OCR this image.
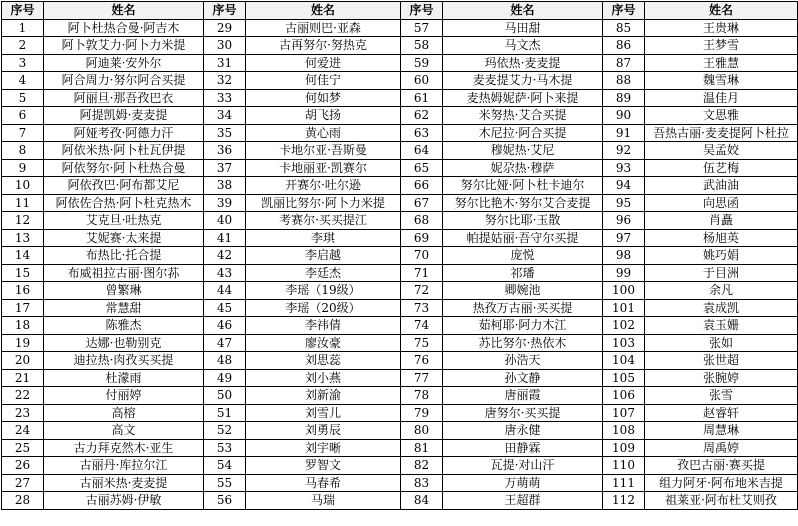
序号	姓名	序号	姓名	序号	姓名	序号	姓名
1	阿卜杜热合曼·阿吉木	29	古丽则巴·亚森	57	马田甜	85	王贵琳
2	阿卜敦艾力·阿卜力米提	30	古再努尔·努热克	58	马文杰	86	王梦雪
3	阿迪莱·安外尔	31	何爱进	59	玛依热·麦麦提	87	王雅慧
4	阿合周力·努尔阿合买提	32	何佳宁	60	麦麦提艾力·马木提	88	魏雪琳
5	阿丽旦·那吾孜巴衣	33	何如梦	61	麦热姆妮萨·阿卜来提	89	温佳月
6	阿提凯姆·麦麦提	34	胡飞扬	62	米努热·艾合买提	90	文思雅
7	阿娅考孜·阿德力汗	35	黄心雨	63	木尼拉·阿合买提	91	吾热古丽·麦麦提阿卜杜拉
8	阿依米热·阿卜杜瓦伊提	36	卡地尔亚·吾斯曼	64	穆妮热·艾尼	92	吴孟姣
9	阿依努尔·阿卜杜热合曼	37	卡地丽亚·凯赛尔	65	妮尕热·穆萨	93	伍艺梅
10	阿依孜巴·阿布都艾尼	38	开赛尔·吐尔逊	66	努尔比娅·阿卜杜卡迪尔	94	武油油
11	阿依佐合热·阿卜杜克热木	39	凯丽比努尔·阿卜力米提	67	努尔比艳木·努尔艾合麦提	95	向思函
12	艾克旦·吐热克	40	考赛尔·买买提江	68	努尔比耶·玉散	96	肖矗
13	艾妮赛·太来提	41	李琪	69	帕提姑丽·吾守尔买提	97	杨旭英
14	布热比·托合提	42	李启越	70	庞悦	98	姚巧娟
15	布威祖拉古丽·图尔荪	43	李廷杰	71	祁璠	99	于目洲
16	曾繁琳	44	李瑶（19级）	72	卿婉池	100	余凡
17	常慧甜	45	李瑶（20级）	73	热孜万古丽·买买提	101	袁成凯
18	陈雅杰	46	李祎倩	74	茹柯耶·阿力木江	102	袁玉姗
19	达娜·也勒别克	47	廖汝豪	75	苏比努尔·热依木	103	张如
20	迪拉热·肉孜买买提	48	刘思蕊	76	孙浩天	104	张世超
21	杜濛雨	49	刘小燕	77	孙文静	105	张腕婷
22	付丽婷	50	刘新渝	78	唐丽霞	106	张雪
23	高榕	51	刘雪儿	79	唐努尔·买买提	107	赵睿轩
24	高文	52	刘勇辰	80	唐永健	108	周慧琳
25	古力拜克然木·亚生	53	刘宇晰	81	田静霖	109	周禹婷
26	古丽丹·库拉尔江	54	罗智文	82	瓦提·对山汗	110	孜巴古丽·赛买提
27	古丽米热·麦麦提	55	马春希	83	万萌萌	111	组力阿牙·阿布地米吉提
28	古丽苏姆·伊敏	56	马瑞	84	王超群	112	祖莱亚·阿布杜艾则孜
